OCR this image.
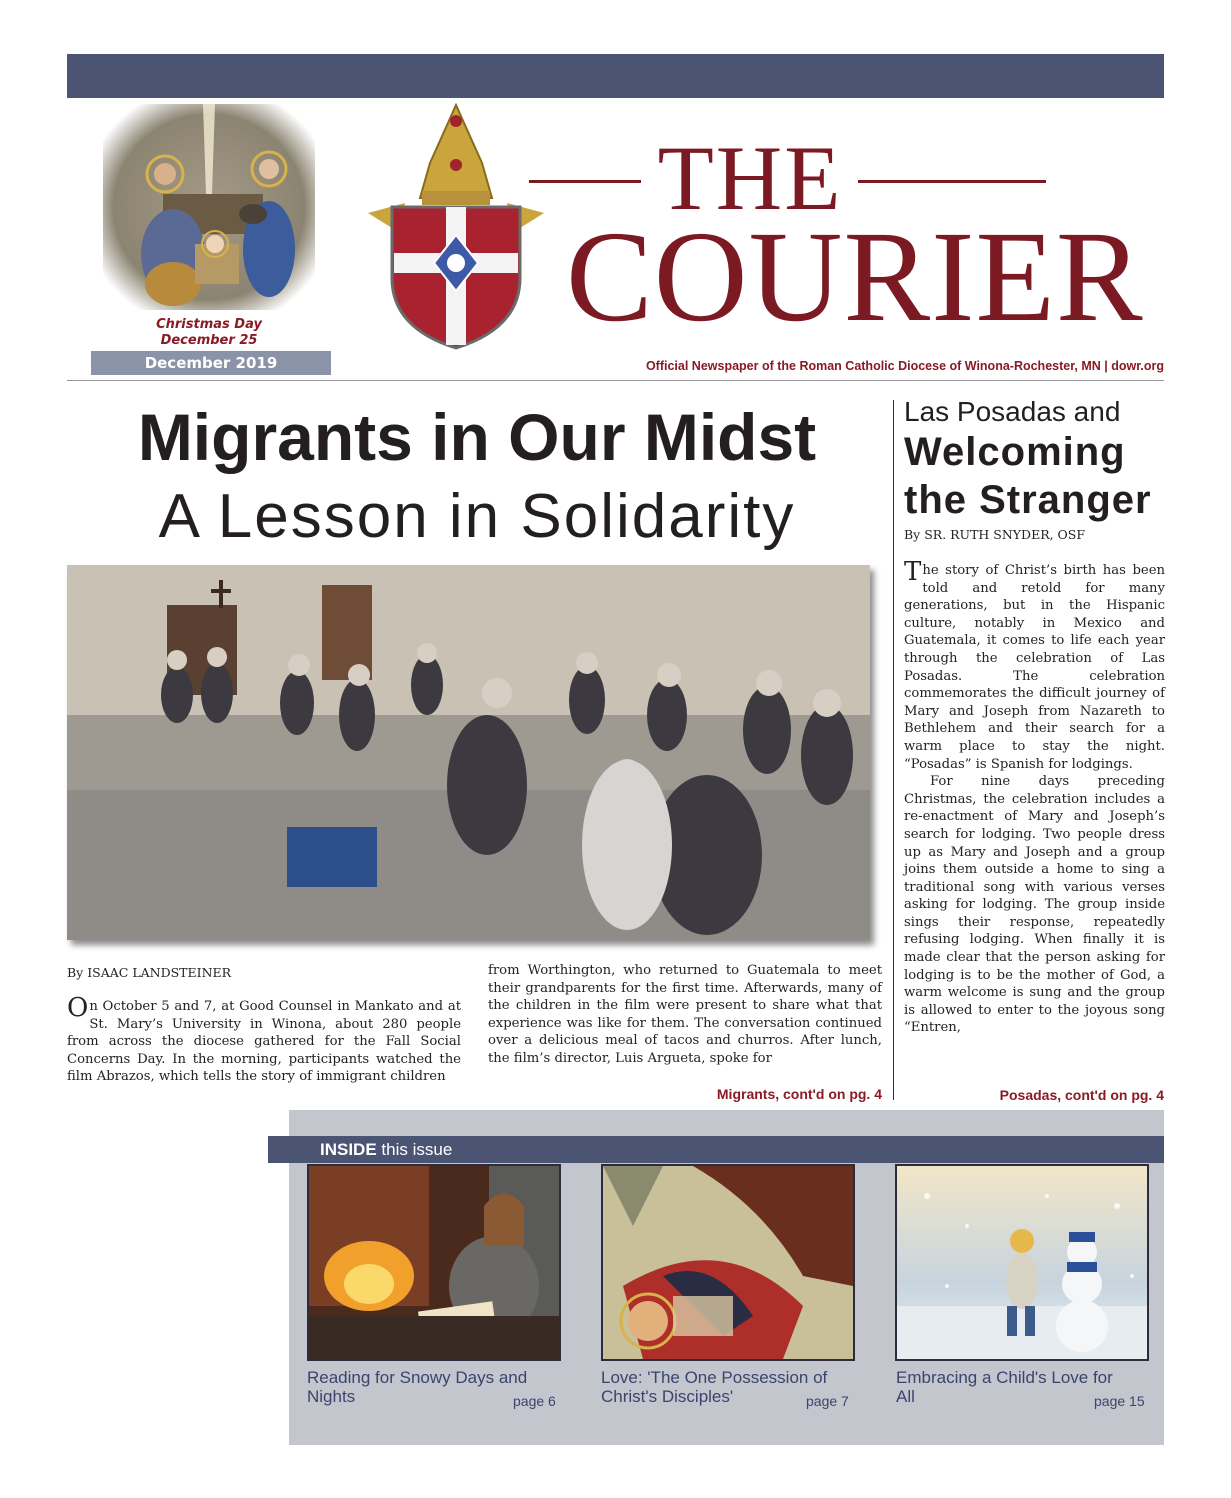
Christmas Day
December 25
December 2019
THE
COURIER
Official Newspaper of the Roman Catholic Diocese of Winona-Rochester, MN | dowr.org
Migrants in Our Midst
A Lesson in Solidarity
By ISAAC LANDSTEINER
On October 5 and 7, at Good Counsel in Mankato and at St. Mary’s University in Winona, about 280 people from across the diocese gathered for the Fall Social Concerns Day. In the morning, participants watched the film Abrazos, which tells the story of immigrant children
from Worthington, who returned to Guatemala to meet their grandparents for the first time. Afterwards, many of the children in the film were present to share what that experience was like for them. The conversation continued over a delicious meal of tacos and churros. After lunch, the film’s director, Luis Argueta, spoke for
Migrants, cont'd on pg. 4
Las Posadas and
Welcoming the Stranger
By SR. RUTH SNYDER, OSF
The story of Christ’s birth has been told and retold for many generations, but in the Hispanic culture, notably in Mexico and Guatemala, it comes to life each year through the celebration of Las Posadas. The celebration commemorates the difficult journey of Mary and Joseph from Nazareth to Bethlehem and their search for a warm place to stay the night. “Posadas” is Spanish for lodgings.
For nine days preceding Christmas, the celebration includes a re-enactment of Mary and Joseph’s search for lodging. Two people dress up as Mary and Joseph and a group joins them outside a home to sing a traditional song with various verses asking for lodging. The group inside sings their response, repeatedly refusing lodging. When finally it is made clear that the person asking for lodging is to be the mother of God, a warm welcome is sung and the group is allowed to enter to the joyous song “Entren,
Posadas, cont'd on pg. 4
INSIDE this issue
Reading for Snowy Days and Nights	page 6
Love: 'The One Possession of Christ's Disciples'	page 7
Embracing a Child's Love for All	page 15
